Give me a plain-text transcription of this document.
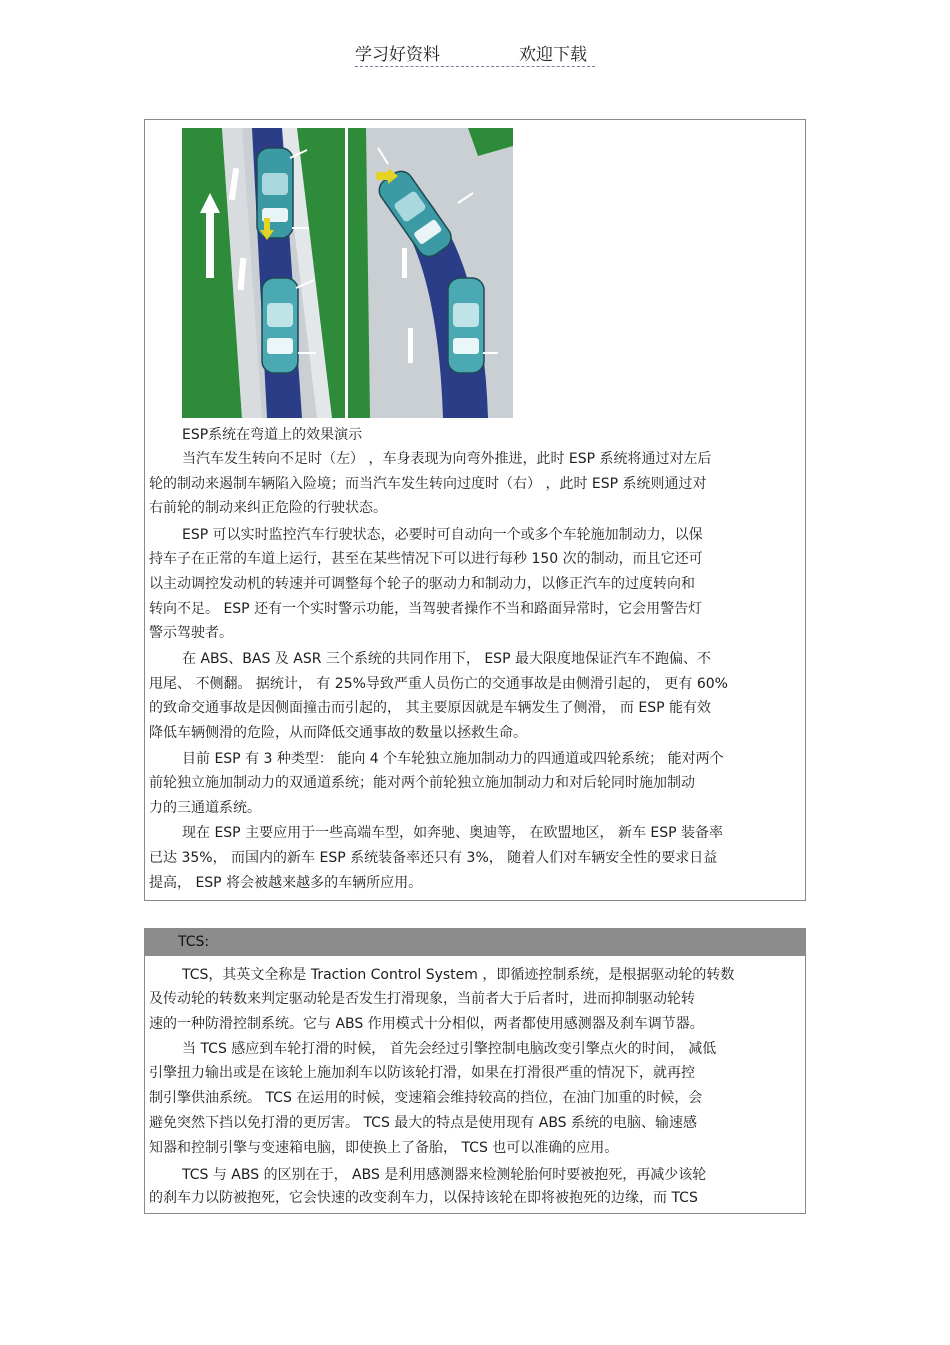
学习好资料	欢迎下载
ESP系统在弯道上的效果演示
当汽车发生转向不足时（左） ，车身表现为向弯外推进，此时 ESP 系统将通过对左后
轮的制动来遏制车辆陷入险境；而当汽车发生转向过度时（右） ，此时 ESP 系统则通过对
右前轮的制动来纠正危险的行驶状态。
ESP 可以实时监控汽车行驶状态，必要时可自动向一个或多个车轮施加制动力，以保
持车子在正常的车道上运行，甚至在某些情况下可以进行每秒 150 次的制动，而且它还可
以主动调控发动机的转速并可调整每个轮子的驱动力和制动力，以修正汽车的过度转向和
转向不足。 ESP 还有一个实时警示功能，当驾驶者操作不当和路面异常时，它会用警告灯
警示驾驶者。
在 ABS、BAS 及 ASR 三个系统的共同作用下， ESP 最大限度地保证汽车不跑偏、不
甩尾、 不侧翻。 据统计， 有 25%导致严重人员伤亡的交通事故是由侧滑引起的， 更有 60%
的致命交通事故是因侧面撞击而引起的， 其主要原因就是车辆发生了侧滑， 而 ESP 能有效
降低车辆侧滑的危险，从而降低交通事故的数量以拯救生命。
目前 ESP 有 3 种类型： 能向 4 个车轮独立施加制动力的四通道或四轮系统； 能对两个
前轮独立施加制动力的双通道系统；能对两个前轮独立施加制动力和对后轮同时施加制动
力的三通道系统。
现在 ESP 主要应用于一些高端车型，如奔驰、奥迪等， 在欧盟地区， 新车 ESP 装备率
已达 35%， 而国内的新车 ESP 系统装备率还只有 3%， 随着人们对车辆安全性的要求日益
提高， ESP 将会被越来越多的车辆所应用。
TCS:
TCS，其英文全称是 Traction Control System ，即循迹控制系统，是根据驱动轮的转数
及传动轮的转数来判定驱动轮是否发生打滑现象，当前者大于后者时，进而抑制驱动轮转
速的一种防滑控制系统。它与 ABS 作用模式十分相似，两者都使用感测器及刹车调节器。
当 TCS 感应到车轮打滑的时候， 首先会经过引擎控制电脑改变引擎点火的时间， 减低
引擎扭力输出或是在该轮上施加刹车以防该轮打滑，如果在打滑很严重的情况下，就再控
制引擎供油系统。 TCS 在运用的时候，变速箱会维持较高的挡位，在油门加重的时候，会
避免突然下挡以免打滑的更厉害。 TCS 最大的特点是使用现有 ABS 系统的电脑、输速感
知器和控制引擎与变速箱电脑，即使换上了备胎， TCS 也可以准确的应用。
TCS 与 ABS 的区别在于， ABS 是利用感测器来检测轮胎何时要被抱死，再减少该轮
的刹车力以防被抱死，它会快速的改变刹车力，以保持该轮在即将被抱死的边缘，而 TCS
